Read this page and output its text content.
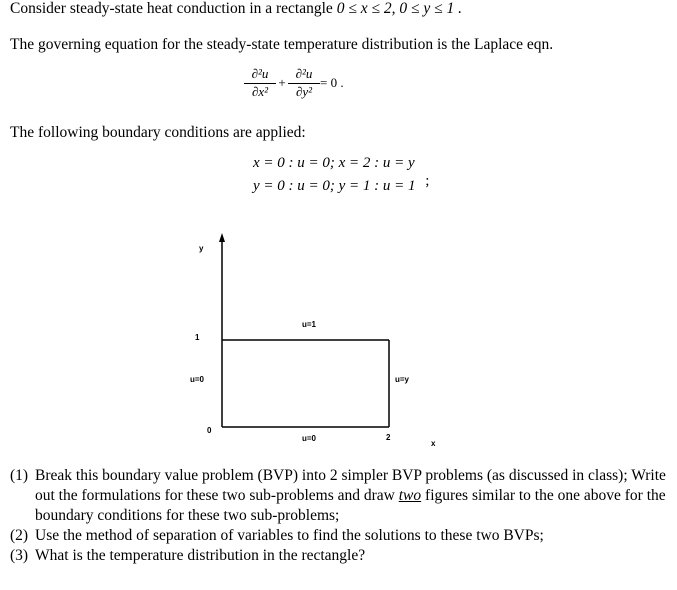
Consider steady-state heat conduction in a rectangle 0 ≤ x ≤ 2, 0 ≤ y ≤ 1 .
The governing equation for the steady-state temperature distribution is the Laplace eqn.
∂²u
∂x²
+
∂²u
∂y²
= 0 .
The following boundary conditions are applied:
x = 0 : u = 0; x = 2 : u = y
y = 0 : u = 0; y = 1 : u = 1 ;
y
1
u=0
0
u=1
u=y
u=0	2
x
(1) Break this boundary value problem (BVP) into 2 simpler BVP problems (as discussed in class); Write out the formulations for these two sub-problems and draw two figures similar to the one above for the boundary conditions for these two sub-problems;
(2) Use the method of separation of variables to find the solutions to these two BVPs;
(3) What is the temperature distribution in the rectangle?
